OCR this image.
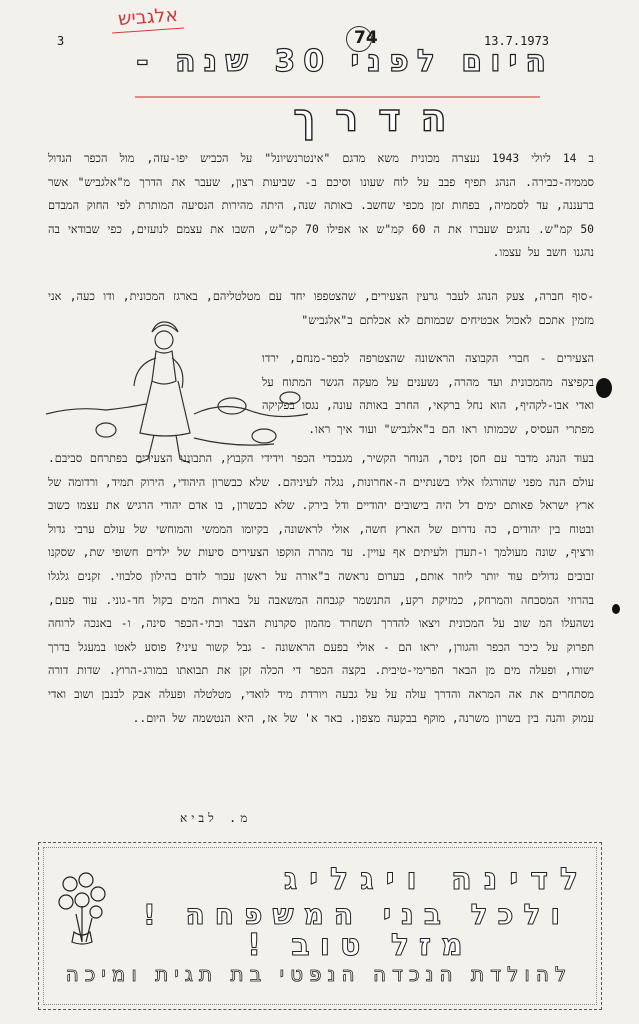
אלגביש
3	74	13.7.1973
היום לפני 30 שנה -
הדרך

ב 14 ליולי 1943 נעצרה מכונית משא מדגם "אינטרנשיונל" על הכביש יפו-עזה, מול הכפר הגדול סממיה-כבירה. הנהג תפיף פבב על לוח שעונו וסיכם ב- שביעות רצון, שעבר את הדרך מ"אלגביש" אשר ברעננה, עד לסממיה, בפחות זמן מכפי שחשב. באותה שנה, היתה מהירות הנסיעה המותרת לפי החוק המבדם 50 קמ"ש. נהגים שעברו את ה 60 קמ"ש או אפילו 70 קמ"ש, השבו את עצמם לנועזים, כפי שבודאי בה נהגנו חשב על עצמו.

-סוף חברה, צעק הנהג לעבר גרעין הצעירים, שהצטפפו יחד עם מטלטליהם, בארגז המכונית, ודו כעה, אני מזמין אתכם לאכול אבטיחים שכמותם לא אכלתם ב"אלגביש"

הצעירים - חברי הקבוצה הראשונה שהצטרפה לכפר-מנחם, ירדו בקפיצה מהמכונית ועד מהרה, נשענים על מעקה הגשר המתוח על ואדי אבו-לקהיף, הוא נחל ברקאי, החרב באותה עונה, נגסו בפקיקה מפתרי העסיס, שכמותו ראו הם ב"אלגביש" ועוד איך ראו.

בעוד הנהג מדבר עם חסן ניסר, הנוחר הקשיר, מגבכדי הכפר וידידי הקבוץ, התבוננו הצעירים בפתרחם סביבם. עולם הנה מפני שהורגלו אליו בשנתיים ה-אחרונות, נגלה לעיניהם. שלא כבשרון היהודי, הירוק תמיד, ורדומה של ארץ ישראל פאותם ימים דל היה בישובים יהודיים ודל בירק. שלא כבשרון, בו אדם יהודי הרגיש את עצמו כשוב ובטוח בין יהודים, כה נדרום של הארץ חשה, אולי לראשונה, בקיומו הממשי והמוחשי של עולם ערבי גדול ורציף, שונה מעולמך ו-תעדן ולעיתים אף עויין. עד מהרה הוקפו הצעירים סיעות של ילדים חשופי שת, שסקנו זבובים גדולים עוד יותר ליוזר אותם, בערום נראשה ב"אורה על ראשן עבור לזדם בהילון סלבוזי. זקנים גלגלו בהרוזי המסבחה והמרחק, כמזיקת רקע, התנשמר קגבחה המשאבה על בארות המים בקול חד-גוני. עוד פעם, נשהעלו המ שוב על המכונית ויצאו להדרך תשחרד מהמון סקרנות הצבר ובתי-הכפר סינה, ו- באנכה לרוחה תפרוק על כיכר הכפר והגורן, יראו הם - אולי בפעם הראשונה - גבל קשור עיני? פוסע לאטו במעגל בדרך ישורו, ופעלה מים מן הבאר הפרימי-טיבית. בקצה הכפר די הכלה זקן את תבואתו במורג-הרוץ. שדות דורה מסתחרים את אה המראה והדרך עולה על על גבעה ויורדת מיד לואדי, מטלטלה ופעלה אבק לבנבן ושוב ואדי עמוק והנה בין בשרון משרנה, מוקף בבקעה מצפון. באר א' של אז, היא הנטשמה של היום..

מ. לביא
לדינה ויגליג
ולכל בני המשפחה !
מזל טוב !
להולדת הנכדה הנפטי בת תגית ומיכה
